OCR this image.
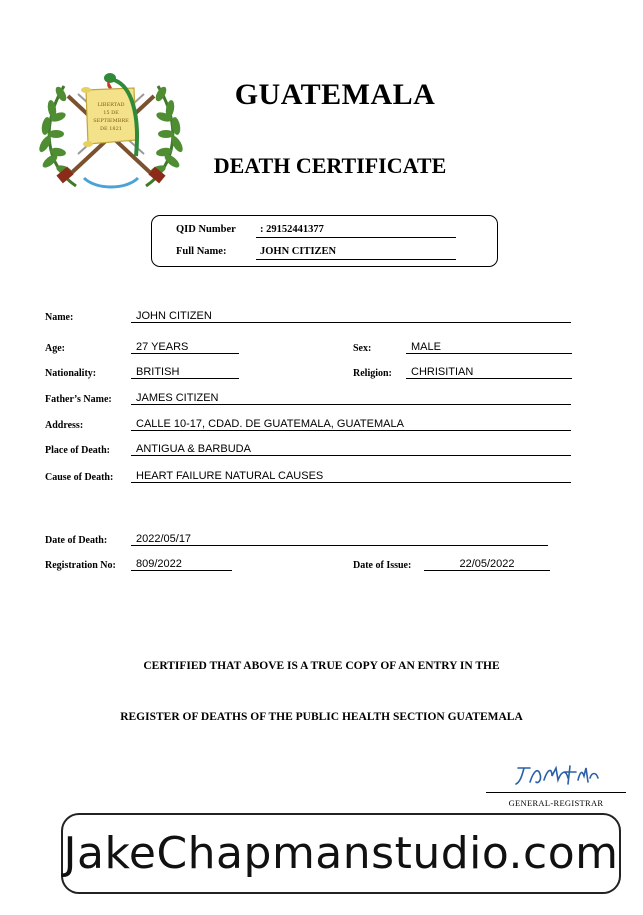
LIBERTAD
15 DE
SEPTIEMBRE
DE 1821
GUATEMALA
DEATH CERTIFICATE
QID Number	: 29152441377
Full Name:	JOHN CITIZEN
Name:	JOHN CITIZEN
Age:	27 YEARS	Sex:	MALE
Nationality:	BRITISH	Religion:	CHRISITIAN
Father’s Name:	JAMES CITIZEN
Address:	CALLE 10-17, CDAD. DE GUATEMALA, GUATEMALA
Place of Death:	ANTIGUA & BARBUDA
Cause of Death:	HEART FAILURE NATURAL CAUSES
Date of Death:	2022/05/17
Registration No:	809/2022	Date of Issue:	22/05/2022
CERTIFIED THAT ABOVE IS A TRUE COPY OF AN ENTRY IN THE
REGISTER OF DEATHS OF THE PUBLIC HEALTH SECTION GUATEMALA
GENERAL-REGISTRAR
JakeChapmanstudio.com
